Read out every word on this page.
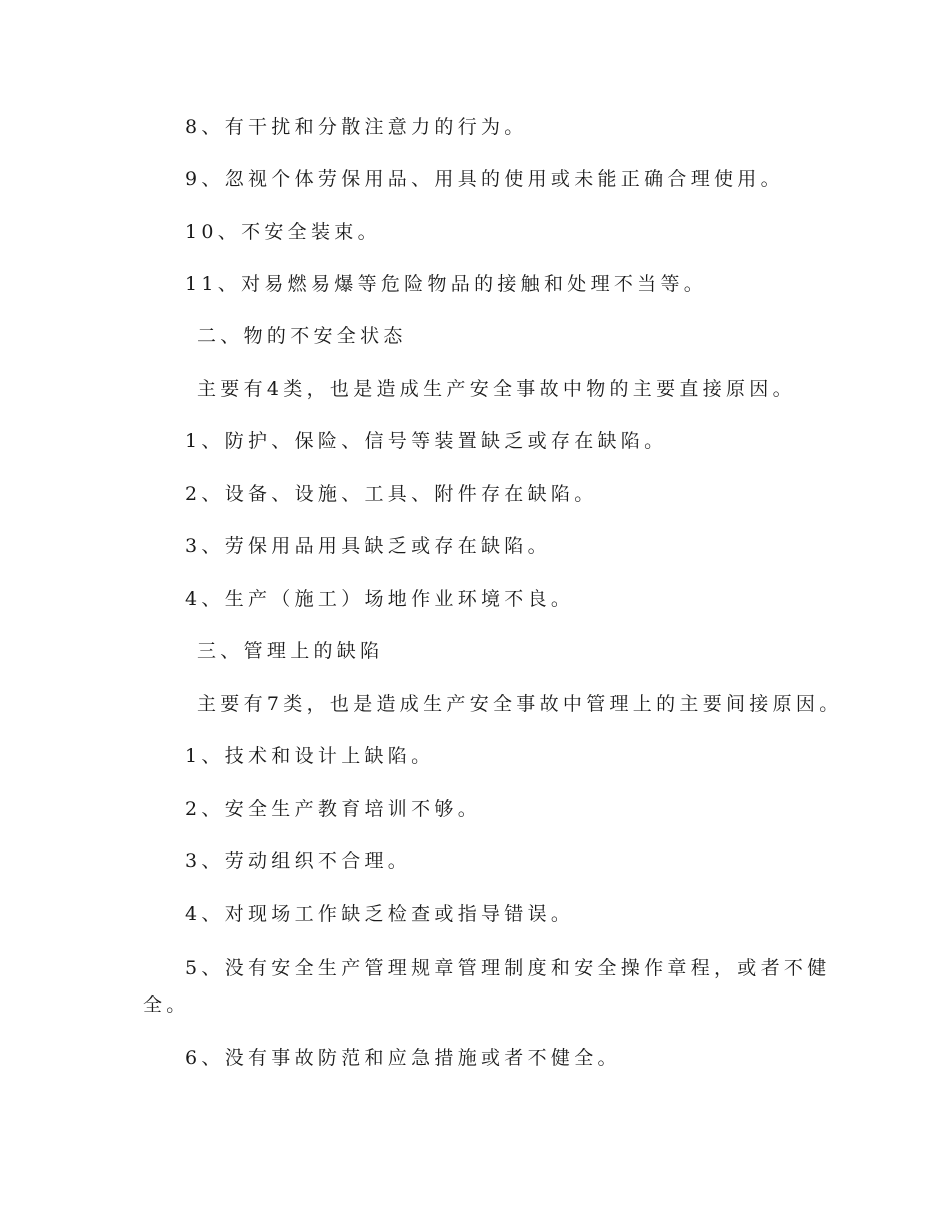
8、有干扰和分散注意力的行为。

9、忽视个体劳保用品、用具的使用或未能正确合理使用。

10、不安全装束。

11、对易燃易爆等危险物品的接触和处理不当等。

二、物的不安全状态

主要有4类，也是造成生产安全事故中物的主要直接原因。

1、防护、保险、信号等装置缺乏或存在缺陷。

2、设备、设施、工具、附件存在缺陷。

3、劳保用品用具缺乏或存在缺陷。

4、生产（施工）场地作业环境不良。

三、管理上的缺陷

主要有7类，也是造成生产安全事故中管理上的主要间接原因。

1、技术和设计上缺陷。

2、安全生产教育培训不够。

3、劳动组织不合理。

4、对现场工作缺乏检查或指导错误。

5、没有安全生产管理规章管理制度和安全操作章程，或者不健

全。

6、没有事故防范和应急措施或者不健全。
